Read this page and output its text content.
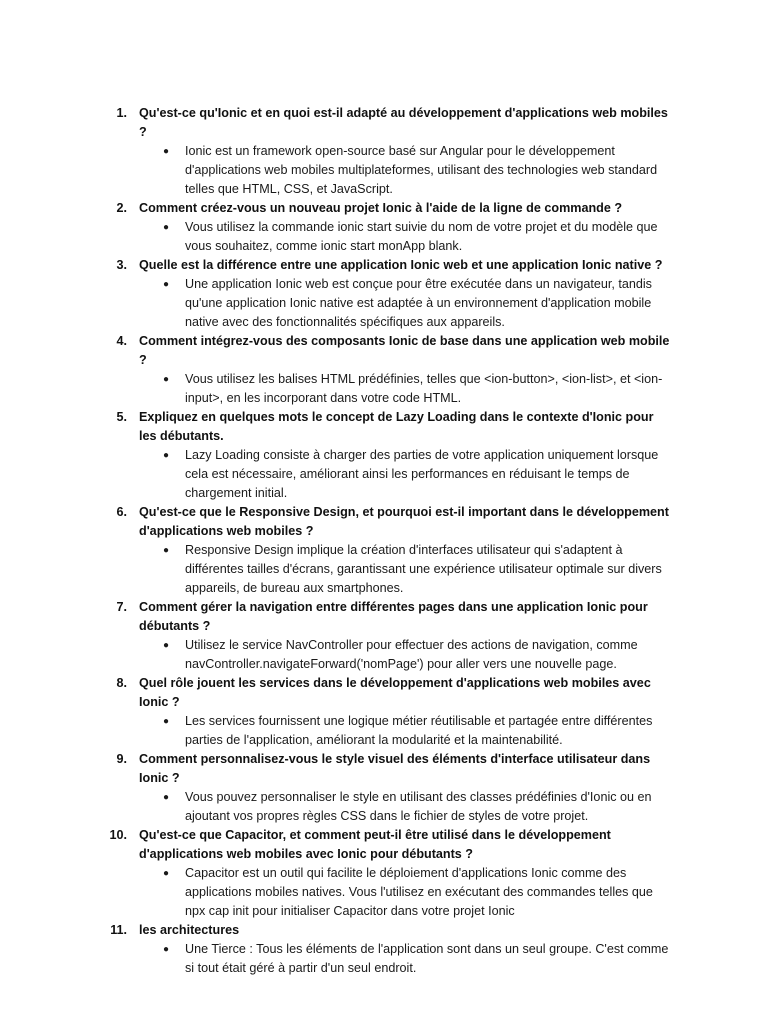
1. Qu'est-ce qu'Ionic et en quoi est-il adapté au développement d'applications web mobiles ?
●	Ionic est un framework open-source basé sur Angular pour le développement d'applications web mobiles multiplateformes, utilisant des technologies web standard telles que HTML, CSS, et JavaScript.
2. Comment créez-vous un nouveau projet Ionic à l'aide de la ligne de commande ?
●	Vous utilisez la commande ionic start suivie du nom de votre projet et du modèle que vous souhaitez, comme ionic start monApp blank.
3. Quelle est la différence entre une application Ionic web et une application Ionic native ?
●	Une application Ionic web est conçue pour être exécutée dans un navigateur, tandis qu'une application Ionic native est adaptée à un environnement d'application mobile native avec des fonctionnalités spécifiques aux appareils.
4. Comment intégrez-vous des composants Ionic de base dans une application web mobile ?
●	Vous utilisez les balises HTML prédéfinies, telles que <ion-button>, <ion-list>, et <ion-input>, en les incorporant dans votre code HTML.
5. Expliquez en quelques mots le concept de Lazy Loading dans le contexte d'Ionic pour les débutants.
●	Lazy Loading consiste à charger des parties de votre application uniquement lorsque cela est nécessaire, améliorant ainsi les performances en réduisant le temps de chargement initial.
6. Qu'est-ce que le Responsive Design, et pourquoi est-il important dans le développement d'applications web mobiles ?
●	Responsive Design implique la création d'interfaces utilisateur qui s'adaptent à différentes tailles d'écrans, garantissant une expérience utilisateur optimale sur divers appareils, de bureau aux smartphones.
7. Comment gérer la navigation entre différentes pages dans une application Ionic pour débutants ?
●	Utilisez le service NavController pour effectuer des actions de navigation, comme navController.navigateForward('nomPage') pour aller vers une nouvelle page.
8. Quel rôle jouent les services dans le développement d'applications web mobiles avec Ionic ?
●	Les services fournissent une logique métier réutilisable et partagée entre différentes parties de l'application, améliorant la modularité et la maintenabilité.
9. Comment personnalisez-vous le style visuel des éléments d'interface utilisateur dans Ionic ?
●	Vous pouvez personnaliser le style en utilisant des classes prédéfinies d'Ionic ou en ajoutant vos propres règles CSS dans le fichier de styles de votre projet.
10. Qu'est-ce que Capacitor, et comment peut-il être utilisé dans le développement d'applications web mobiles avec Ionic pour débutants ?
●	Capacitor est un outil qui facilite le déploiement d'applications Ionic comme des applications mobiles natives. Vous l'utilisez en exécutant des commandes telles que npx cap init pour initialiser Capacitor dans votre projet Ionic
11. les architectures
●	Une Tierce : Tous les éléments de l'application sont dans un seul groupe. C'est comme si tout était géré à partir d'un seul endroit.
